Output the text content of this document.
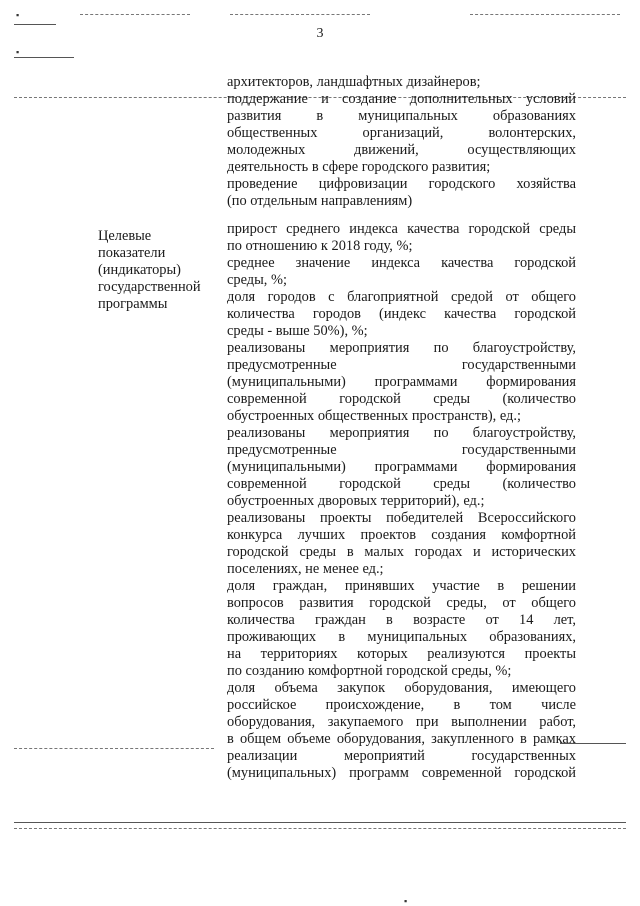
▪
▪
3
Целевые
показатели
(индикаторы)
государственной
программы
архитекторов, ландшафтных дизайнеров;
поддержание и создание дополнительных условий
развития в муниципальных образованиях
общественных организаций, волонтерских,
молодежных движений, осуществляющих
деятельность в сфере городского развития;
проведение цифровизации городского хозяйства
(по отдельным направлениям)
прирост среднего индекса качества городской среды
по отношению к 2018 году, %;
среднее значение индекса качества городской
среды, %;
доля городов с благоприятной средой от общего
количества городов (индекс качества городской
среды - выше 50%), %;
реализованы мероприятия по благоустройству,
предусмотренные государственными
(муниципальными) программами формирования
современной городской среды (количество
обустроенных общественных пространств), ед.;
реализованы мероприятия по благоустройству,
предусмотренные государственными
(муниципальными) программами формирования
современной городской среды (количество
обустроенных дворовых территорий), ед.;
реализованы проекты победителей Всероссийского
конкурса лучших проектов создания комфортной
городской среды в малых городах и исторических
поселениях, не менее ед.;
доля граждан, принявших участие в решении
вопросов развития городской среды, от общего
количества граждан в возрасте от 14 лет,
проживающих в муниципальных образованиях,
на территориях которых реализуются проекты
по созданию комфортной городской среды, %;
доля объема закупок оборудования, имеющего
российское происхождение, в том числе
оборудования, закупаемого при выполнении работ,
в общем объеме оборудования, закупленного в рамках
реализации мероприятий государственных
(муниципальных) программ современной городской
▪
